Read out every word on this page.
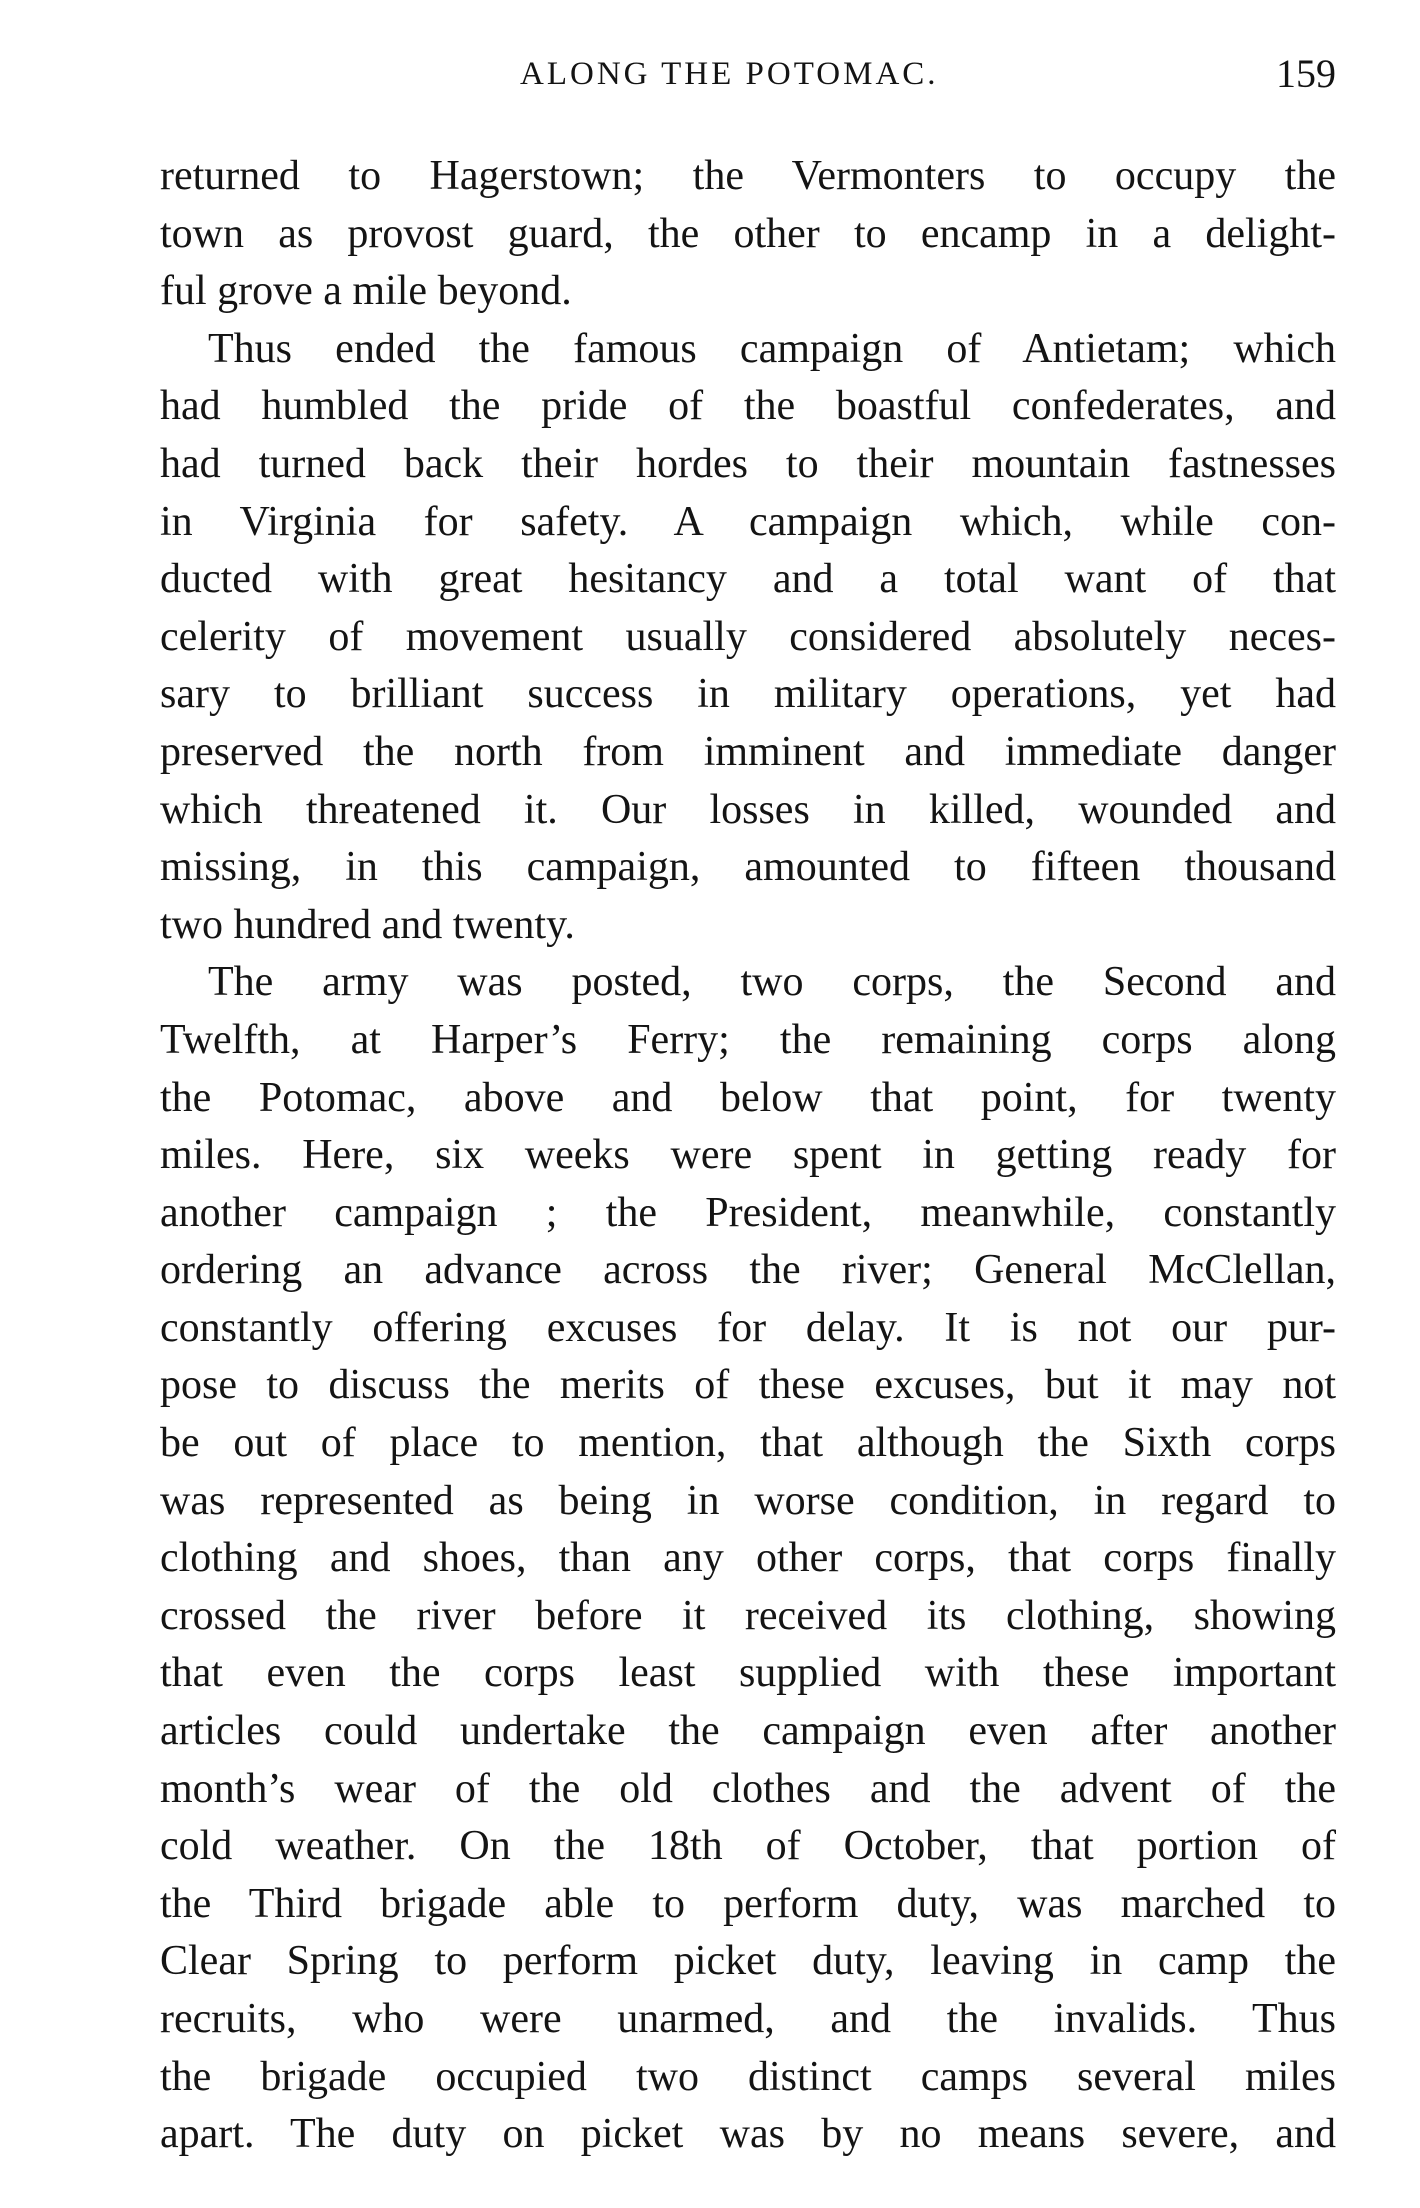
ALONG THE POTOMAC.	159
returned to Hagerstown; the Vermonters to occupy the
town as provost guard, the other to encamp in a delight-
ful grove a mile beyond.
Thus ended the famous campaign of Antietam; which
had humbled the pride of the boastful confederates, and
had turned back their hordes to their mountain fastnesses
in Virginia for safety. A campaign which, while con-
ducted with great hesitancy and a total want of that
celerity of movement usually considered absolutely neces-
sary to brilliant success in military operations, yet had
preserved the north from imminent and immediate danger
which threatened it. Our losses in killed, wounded and
missing, in this campaign, amounted to fifteen thousand
two hundred and twenty.
The army was posted, two corps, the Second and
Twelfth, at Harper’s Ferry; the remaining corps along
the Potomac, above and below that point, for twenty
miles. Here, six weeks were spent in getting ready for
another campaign ; the President, meanwhile, constantly
ordering an advance across the river; General McClellan,
constantly offering excuses for delay. It is not our pur-
pose to discuss the merits of these excuses, but it may not
be out of place to mention, that although the Sixth corps
was represented as being in worse condition, in regard to
clothing and shoes, than any other corps, that corps finally
crossed the river before it received its clothing, showing
that even the corps least supplied with these important
articles could undertake the campaign even after another
month’s wear of the old clothes and the advent of the
cold weather. On the 18th of October, that portion of
the Third brigade able to perform duty, was marched to
Clear Spring to perform picket duty, leaving in camp the
recruits, who were unarmed, and the invalids. Thus
the brigade occupied two distinct camps several miles
apart. The duty on picket was by no means severe, and
